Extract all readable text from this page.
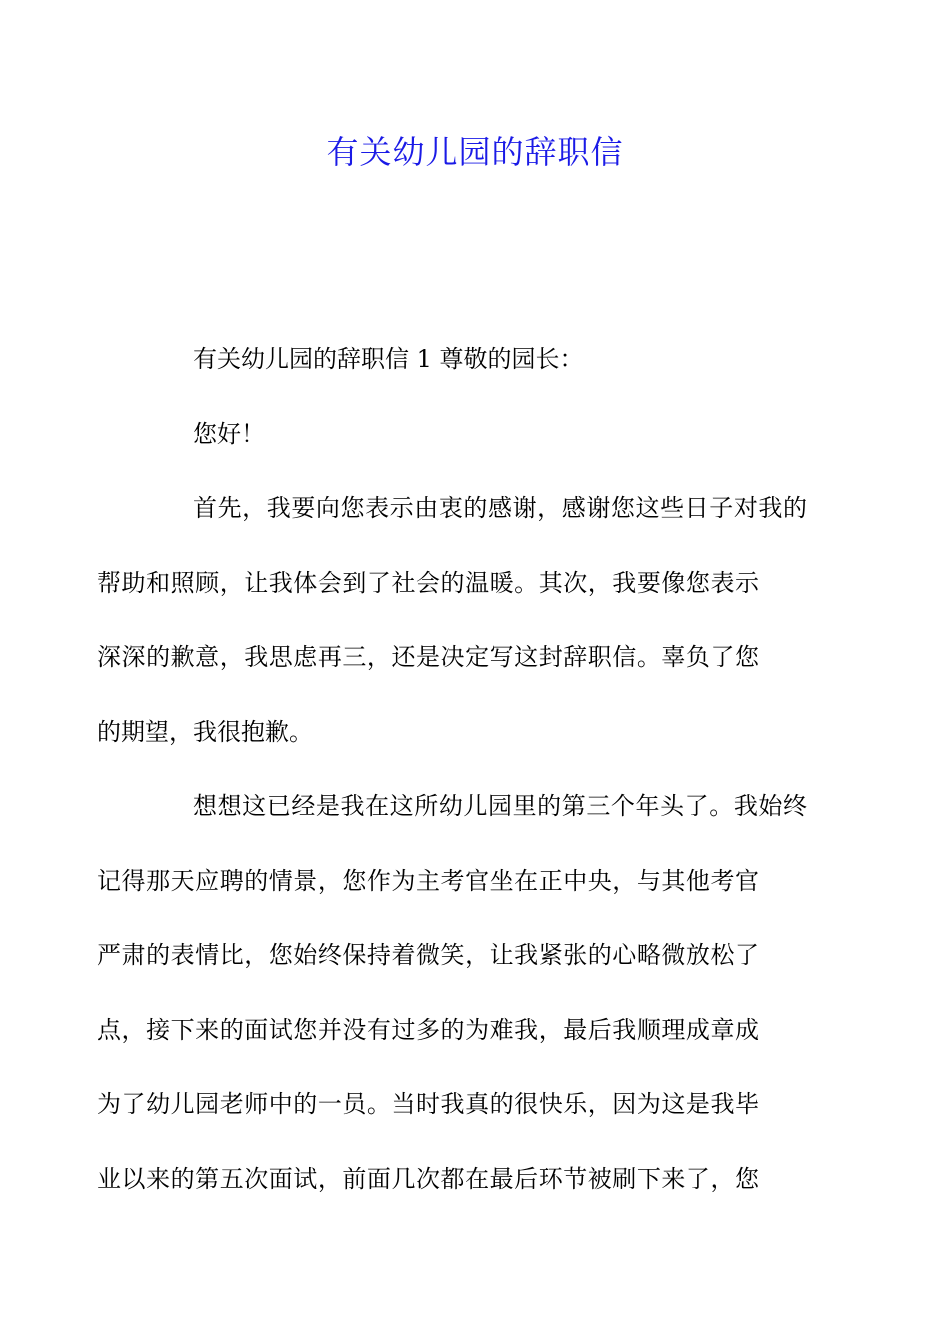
有关幼儿园的辞职信

有关幼儿园的辞职信 1 尊敬的园长：

您好！

首先，我要向您表示由衷的感谢，感谢您这些日子对我的
帮助和照顾，让我体会到了社会的温暖。其次，我要像您表示
深深的歉意，我思虑再三，还是决定写这封辞职信。辜负了您
的期望，我很抱歉。

想想这已经是我在这所幼儿园里的第三个年头了。我始终
记得那天应聘的情景，您作为主考官坐在正中央，与其他考官
严肃的表情比，您始终保持着微笑，让我紧张的心略微放松了
点，接下来的面试您并没有过多的为难我，最后我顺理成章成
为了幼儿园老师中的一员。当时我真的很快乐，因为这是我毕
业以来的第五次面试，前面几次都在最后环节被刷下来了，您
